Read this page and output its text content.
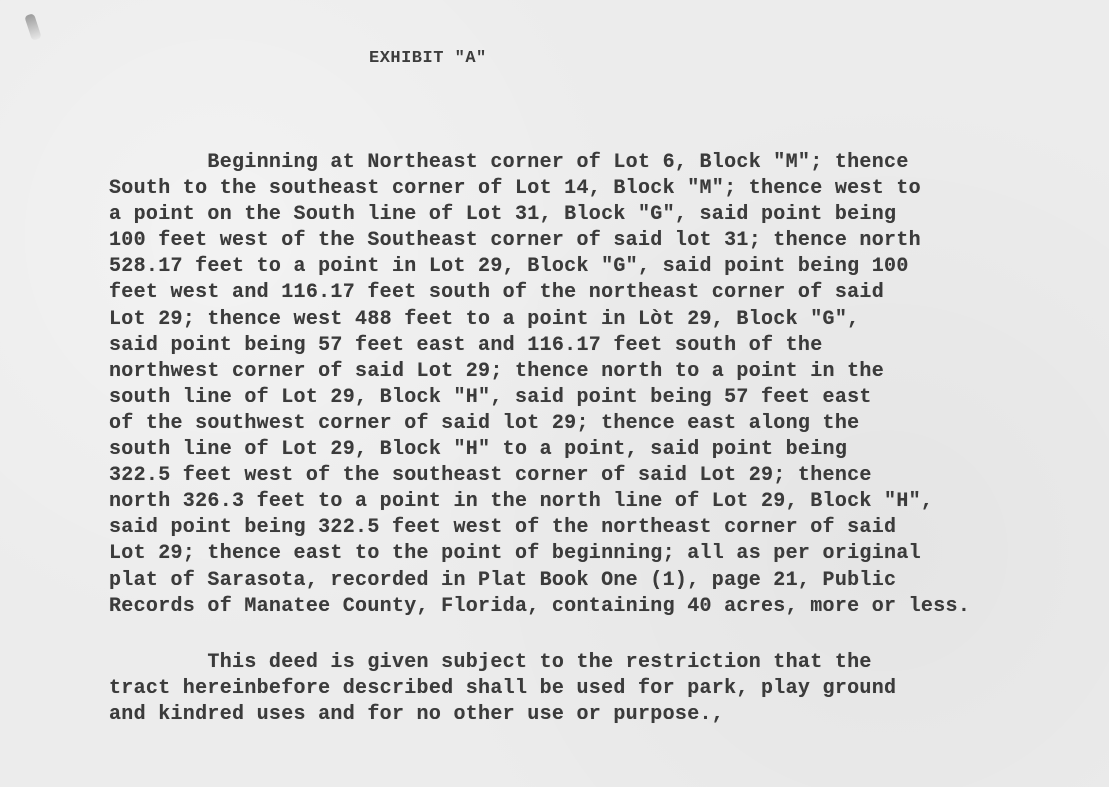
EXHIBIT "A"

Beginning at Northeast corner of Lot 6, Block "M"; thence
South to the southeast corner of Lot 14, Block "M"; thence west to
a point on the South line of Lot 31, Block "G", said point being
100 feet west of the Southeast corner of said lot 31; thence north
528.17 feet to a point in Lot 29, Block "G", said point being 100
feet west and 116.17 feet south of the northeast corner of said
Lot 29; thence west 488 feet to a point in Lòt 29, Block "G",
said point being 57 feet east and 116.17 feet south of the
northwest corner of said Lot 29; thence north to a point in the
south line of Lot 29, Block "H", said point being 57 feet east
of the southwest corner of said lot 29; thence east along the
south line of Lot 29, Block "H" to a point, said point being
322.5 feet west of the southeast corner of said Lot 29; thence
north 326.3 feet to a point in the north line of Lot 29, Block "H",
said point being 322.5 feet west of the northeast corner of said
Lot 29; thence east to the point of beginning; all as per original
plat of Sarasota, recorded in Plat Book One (1), page 21, Public
Records of Manatee County, Florida, containing 40 acres, more or less.

This deed is given subject to the restriction that the
tract hereinbefore described shall be used for park, play ground
and kindred uses and for no other use or purpose.,
